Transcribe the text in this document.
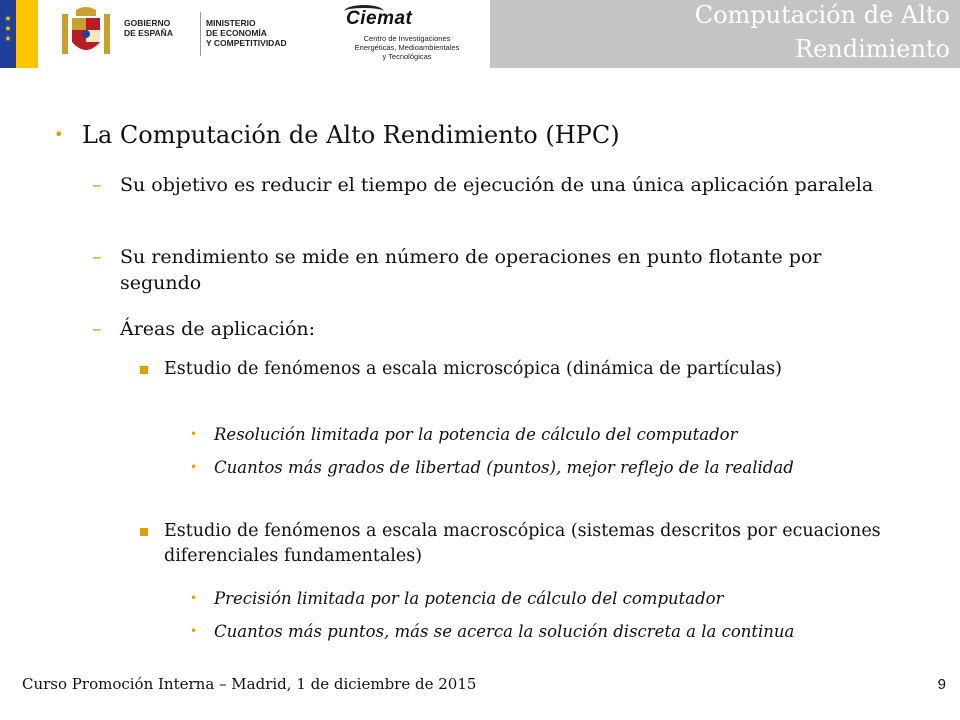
★ ★ ★
GOBIERNO
DE ESPAÑA
MINISTERIO
DE ECONOMÍA
Y COMPETITIVIDAD
Ciemat
Centro de Investigaciones
Energéticas, Medioambientales
y Tecnológicas
Computación de Alto
Rendimiento
• La Computación de Alto Rendimiento (HPC)
– Su objetivo es reducir el tiempo de ejecución de una única aplicación paralela
– Su rendimiento se mide en número de operaciones en punto flotante por segundo
– Áreas de aplicación:
Estudio de fenómenos a escala microscópica (dinámica de partículas)
• Resolución limitada por la potencia de cálculo del computador
• Cuantos más grados de libertad (puntos), mejor reflejo de la realidad
Estudio de fenómenos a escala macroscópica (sistemas descritos por ecuaciones diferenciales fundamentales)
• Precisión limitada por la potencia de cálculo del computador
• Cuantos más puntos, más se acerca la solución discreta a la continua
Curso Promoción Interna – Madrid, 1 de diciembre de 2015	9
